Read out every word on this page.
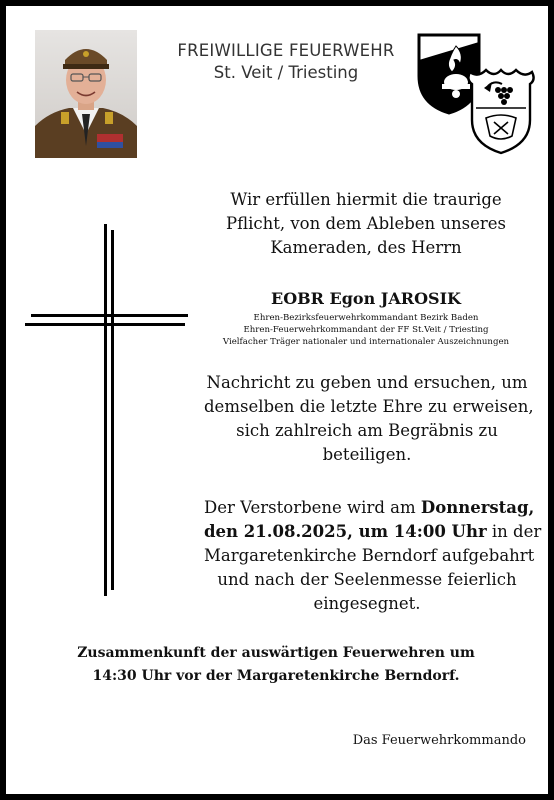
FREIWILLIGE FEUERWEHR
St. Veit / Triesting
Wir erfüllen hiermit die traurige
Pflicht, von dem Ableben unseres
Kameraden, des Herrn
EOBR Egon JAROSIK
Ehren-Bezirksfeuerwehrkommandant Bezirk Baden
Ehren-Feuerwehrkommandant der FF St.Veit / Triesting
Vielfacher Träger nationaler und internationaler Auszeichnungen
Nachricht zu geben und ersuchen, um
demselben die letzte Ehre zu erweisen,
sich zahlreich am Begräbnis zu
beteiligen.
Der Verstorbene wird am Donnerstag,
den 21.08.2025, um 14:00 Uhr in der
Margaretenkirche Berndorf aufgebahrt
und nach der Seelenmesse feierlich
eingesegnet.
Zusammenkunft der auswärtigen Feuerwehren um
14:30 Uhr vor der Margaretenkirche Berndorf.
Das Feuerwehrkommando
